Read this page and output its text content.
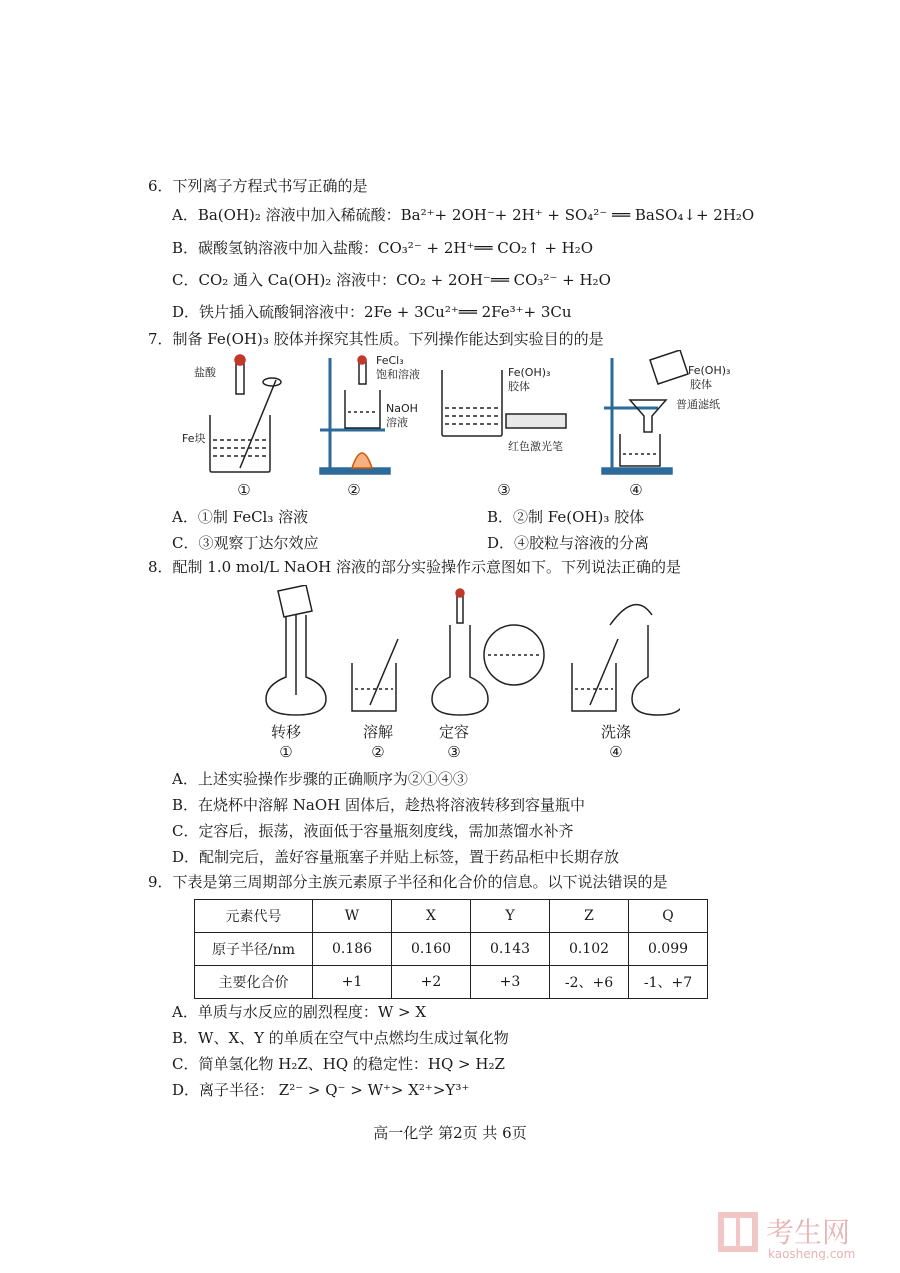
6．下列离子方程式书写正确的是
A．Ba(OH)₂ 溶液中加入稀硫酸：Ba²⁺+ 2OH⁻+ 2H⁺ + SO₄²⁻ ══ BaSO₄↓+ 2H₂O
B．碳酸氢钠溶液中加入盐酸：CO₃²⁻ + 2H⁺══ CO₂↑ + H₂O
C．CO₂ 通入 Ca(OH)₂ 溶液中：CO₂ + 2OH⁻══ CO₃²⁻ + H₂O
D．铁片插入硫酸铜溶液中：2Fe + 3Cu²⁺══ 2Fe³⁺+ 3Cu
7．制备 Fe(OH)₃ 胶体并探究其性质。下列操作能达到实验目的的是
盐酸
Fe块
FeCl₃
饱和溶液
NaOH
溶液
Fe(OH)₃
胶体
红色激光笔
Fe(OH)₃
胶体
普通滤纸
①	②	③	④
A．①制 FeCl₃ 溶液	B．②制 Fe(OH)₃ 胶体
C．③观察丁达尔效应	D．④胶粒与溶液的分离
8．配制 1.0 mol/L NaOH 溶液的部分实验操作示意图如下。下列说法正确的是
转移	溶解	定容	洗涤
①	②	③	④
A．上述实验操作步骤的正确顺序为②①④③
B．在烧杯中溶解 NaOH 固体后，趁热将溶液转移到容量瓶中
C．定容后，振荡，液面低于容量瓶刻度线，需加蒸馏水补齐
D．配制完后，盖好容量瓶塞子并贴上标签，置于药品柜中长期存放
9．下表是第三周期部分主族元素原子半径和化合价的信息。以下说法错误的是
元素代号	W	X	Y	Z	Q
原子半径/nm	0.186	0.160	0.143	0.102	0.099
主要化合价	+1	+2	+3	-2、+6	-1、+7
A．单质与水反应的剧烈程度：W > X
B．W、X、Y 的单质在空气中点燃均生成过氧化物
C．简单氢化物 H₂Z、HQ 的稳定性：HQ > H₂Z
D．离子半径： Z²⁻ > Q⁻ > W⁺> X²⁺>Y³⁺
高一化学 第2页 共 6页
考生网
kaosheng.com
